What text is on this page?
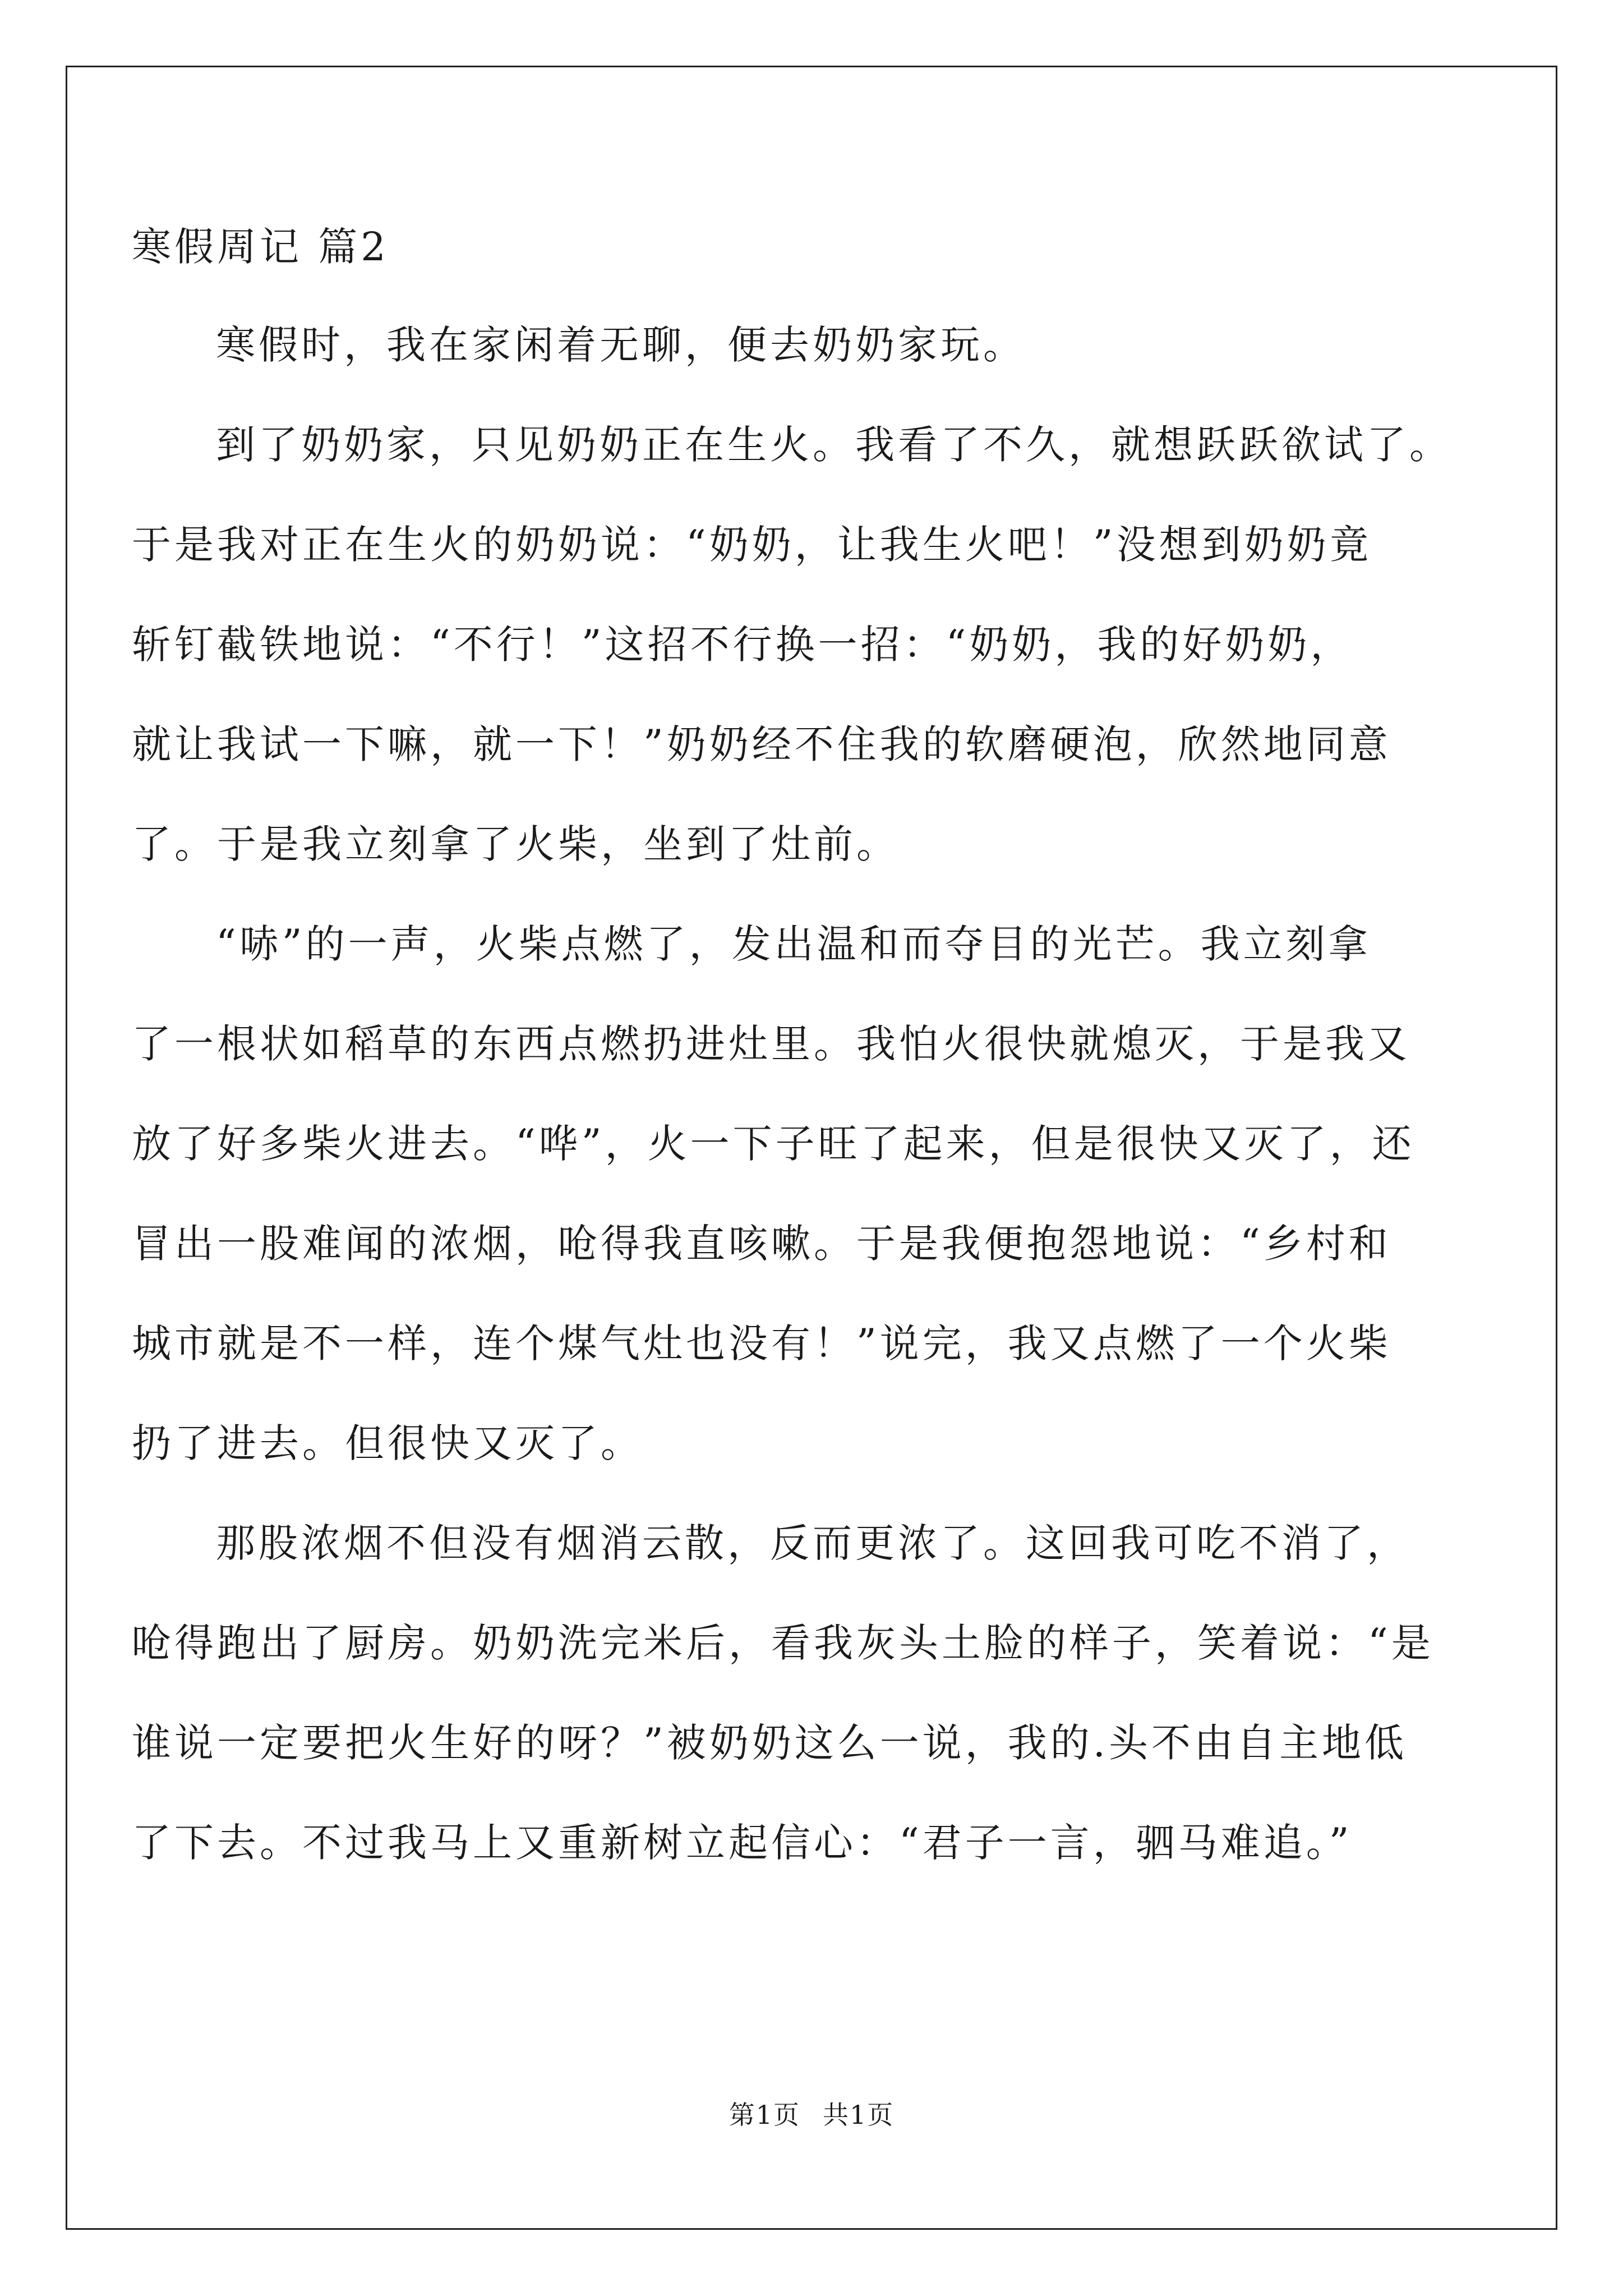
寒假周记 篇2

寒假时，我在家闲着无聊，便去奶奶家玩。

到了奶奶家，只见奶奶正在生火。我看了不久，就想跃跃欲试了。
于是我对正在生火的奶奶说：“奶奶，让我生火吧！”没想到奶奶竟
斩钉截铁地说：“不行！”这招不行换一招：“奶奶，我的好奶奶，
就让我试一下嘛，就一下！”奶奶经不住我的软磨硬泡，欣然地同意
了。于是我立刻拿了火柴，坐到了灶前。

“哧”的一声，火柴点燃了，发出温和而夺目的光芒。我立刻拿
了一根状如稻草的东西点燃扔进灶里。我怕火很快就熄灭，于是我又
放了好多柴火进去。“哗”，火一下子旺了起来，但是很快又灭了，还
冒出一股难闻的浓烟，呛得我直咳嗽。于是我便抱怨地说：“乡村和
城市就是不一样，连个煤气灶也没有！”说完，我又点燃了一个火柴
扔了进去。但很快又灭了。

那股浓烟不但没有烟消云散，反而更浓了。这回我可吃不消了，
呛得跑出了厨房。奶奶洗完米后，看我灰头土脸的样子，笑着说：“是
谁说一定要把火生好的呀？”被奶奶这么一说，我的.头不由自主地低
了下去。不过我马上又重新树立起信心：“君子一言，驷马难追。”

第1页 共1页
